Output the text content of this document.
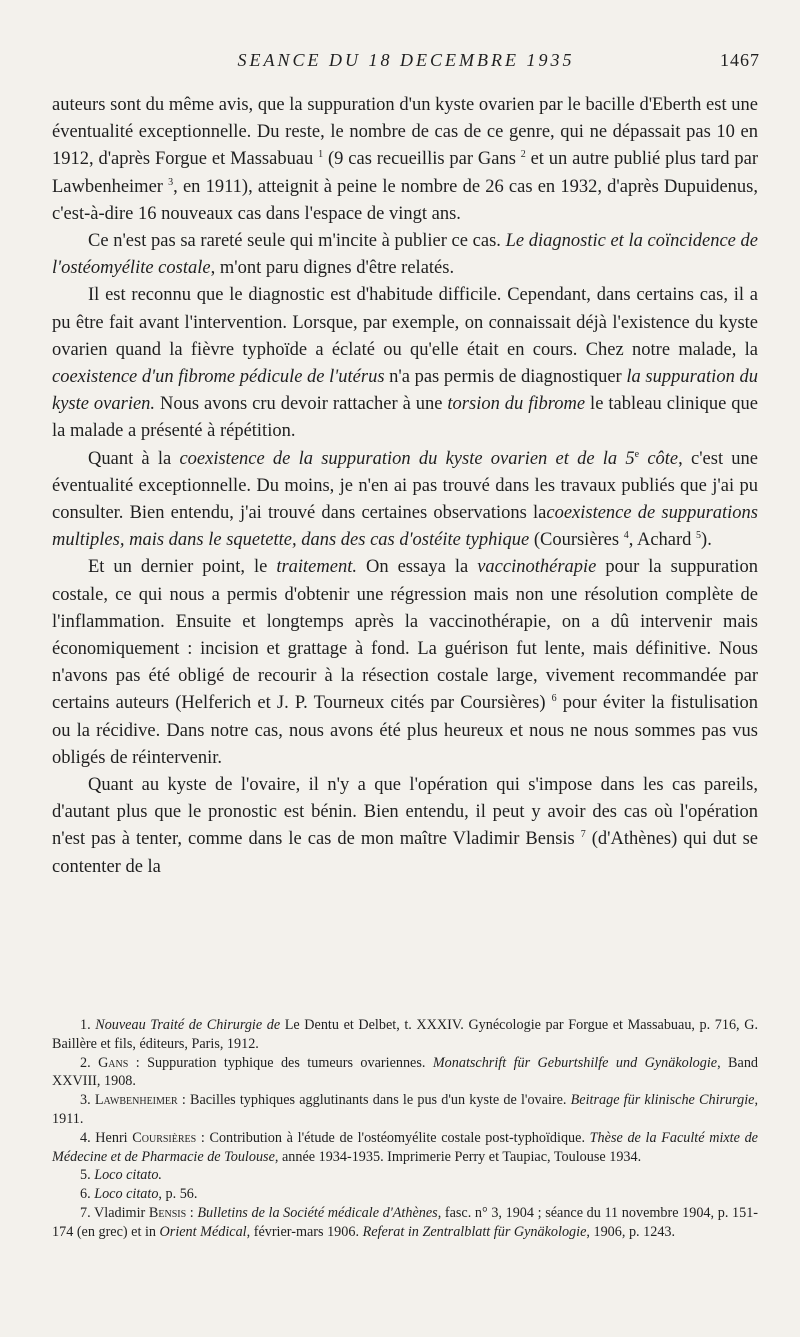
SEANCE DU 18 DECEMBRE 1935	1467

auteurs sont du même avis, que la suppuration d'un kyste ovarien par le bacille d'Eberth est une éventualité exceptionnelle. Du reste, le nombre de cas de ce genre, qui ne dépassait pas 10 en 1912, d'après Forgue et Massabuau $^1$ (9 cas recueillis par Gans $^2$ et un autre publié plus tard par Lawbenheimer $^3$, en 1911), atteignit à peine le nombre de 26 cas en 1932, d'après Dupuidenus, c'est-à-dire 16 nouveaux cas dans l'espace de vingt ans.

Ce n'est pas sa rareté seule qui m'incite à publier ce cas. Le diagnostic et la coïncidence de l'ostéomyélite costale, m'ont paru dignes d'être relatés.

Il est reconnu que le diagnostic est d'habitude difficile. Cependant, dans certains cas, il a pu être fait avant l'intervention. Lorsque, par exemple, on connaissait déjà l'existence du kyste ovarien quand la fièvre typhoïde a éclaté ou qu'elle était en cours. Chez notre malade, la coexistence d'un fibrome pédicule de l'utérus n'a pas permis de diagnostiquer la suppuration du kyste ovarien. Nous avons cru devoir rattacher à une torsion du fibrome le tableau clinique que la malade a présenté à répétition.

Quant à la coexistence de la suppuration du kyste ovarien et de la 5e côte, c'est une éventualité exceptionnelle. Du moins, je n'en ai pas trouvé dans les travaux publiés que j'ai pu consulter. Bien entendu, j'ai trouvé dans certaines observations lacoexistence de suppurations multiples, mais dans le squetette, dans des cas d'ostéite typhique (Coursières $^4$, Achard $^5$).

Et un dernier point, le traitement. On essaya la vaccinothérapie pour la suppuration costale, ce qui nous a permis d'obtenir une régression mais non une résolution complète de l'inflammation. Ensuite et longtemps après la vaccinothérapie, on a dû intervenir mais économiquement : incision et grattage à fond. La guérison fut lente, mais définitive. Nous n'avons pas été obligé de recourir à la résection costale large, vivement recommandée par certains auteurs (Helferich et J. P. Tourneux cités par Coursières) $^6$ pour éviter la fistulisation ou la récidive. Dans notre cas, nous avons été plus heureux et nous ne nous sommes pas vus obligés de réintervenir.

Quant au kyste de l'ovaire, il n'y a que l'opération qui s'impose dans les cas pareils, d'autant plus que le pronostic est bénin. Bien entendu, il peut y avoir des cas où l'opération n'est pas à tenter, comme dans le cas de mon maître Vladimir Bensis $^7$ (d'Athènes) qui dut se contenter de la

1. Nouveau Traité de Chirurgie de Le Dentu et Delbet, t. XXXIV. Gynécologie par Forgue et Massabuau, p. 716, G. Baillère et fils, éditeurs, Paris, 1912.

2. Gans : Suppuration typhique des tumeurs ovariennes. Monatschrift für Geburtshilfe und Gynäkologie, Band XXVIII, 1908.

3. Lawbenheimer : Bacilles typhiques agglutinants dans le pus d'un kyste de l'ovaire. Beitrage für klinische Chirurgie, 1911.

4. Henri Coursières : Contribution à l'étude de l'ostéomyélite costale post-typhoïdique. Thèse de la Faculté mixte de Médecine et de Pharmacie de Toulouse, année 1934-1935. Imprimerie Perry et Taupiac, Toulouse 1934.

5. Loco citato.

6. Loco citato, p. 56.

7. Vladimir Bensis : Bulletins de la Société médicale d'Athènes, fasc. n° 3, 1904 ; séance du 11 novembre 1904, p. 151-174 (en grec) et in Orient Médical, février-mars 1906. Referat in Zentralblatt für Gynäkologie, 1906, p. 1243.
